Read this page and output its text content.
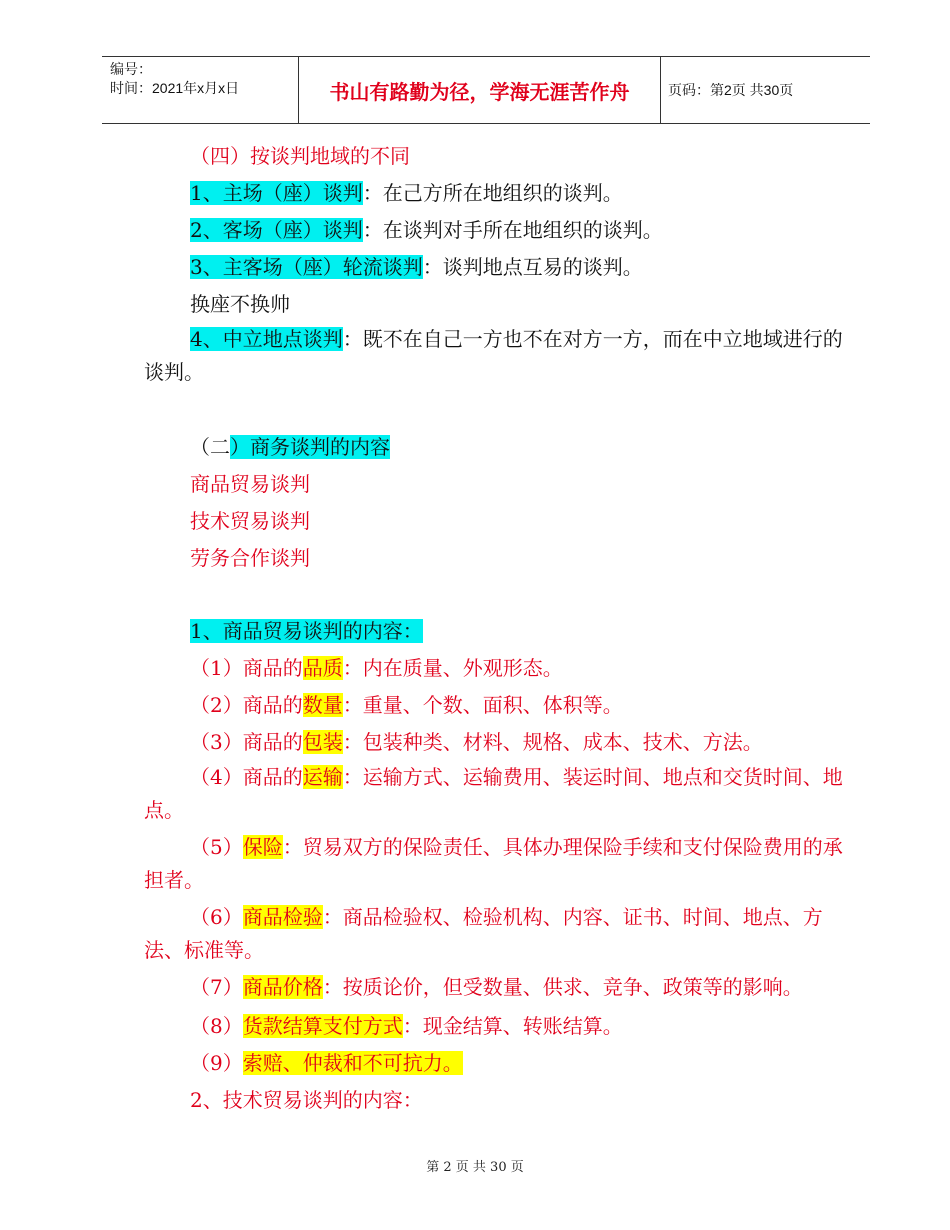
编号：
时间：2021年x月x日	书山有路勤为径，学海无涯苦作舟	页码：第2页 共30页
（四）按谈判地域的不同
1、主场（座）谈判：在己方所在地组织的谈判。
2、客场（座）谈判：在谈判对手所在地组织的谈判。
3、主客场（座）轮流谈判：谈判地点互易的谈判。
换座不换帅
4、中立地点谈判：既不在自己一方也不在对方一方，而在中立地域进行的谈判。
（二）商务谈判的内容
商品贸易谈判
技术贸易谈判
劳务合作谈判
1、商品贸易谈判的内容：
（1）商品的品质：内在质量、外观形态。
（2）商品的数量：重量、个数、面积、体积等。
（3）商品的包装：包装种类、材料、规格、成本、技术、方法。
（4）商品的运输：运输方式、运输费用、装运时间、地点和交货时间、地点。
（5）保险：贸易双方的保险责任、具体办理保险手续和支付保险费用的承担者。
（6）商品检验：商品检验权、检验机构、内容、证书、时间、地点、方法、标准等。
（7）商品价格：按质论价，但受数量、供求、竞争、政策等的影响。
（8）货款结算支付方式：现金结算、转账结算。
（9）索赔、仲裁和不可抗力。
2、技术贸易谈判的内容：
第 2 页 共 30 页
